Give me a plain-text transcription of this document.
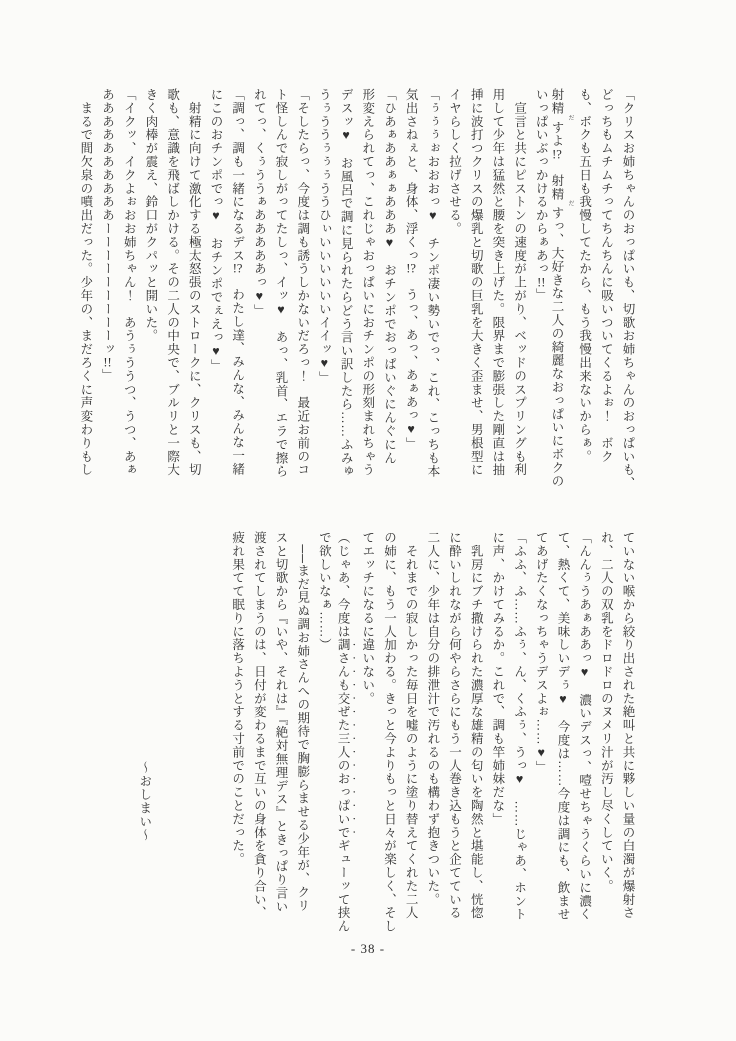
「クリスお姉ちゃんのおっぱいも、切歌お姉ちゃんのおっぱいも、
どっちもムチムチってちんちんに吸いついてくるよぉ！　ボク
も、ボクも五日も我慢してたから、もう我慢出来ないからぁ。
射精だすよ!?　射精だすっ、大好きな二人の綺麗なおっぱいにボクの
いっぱいぶっかけるからぁあっ!!」
　宣言と共にピストンの速度が上がり、ベッドのスプリングも利
用して少年は猛然と腰を突き上げた。限界まで膨張した剛直は抽
挿に波打つクリスの爆乳と切歌の巨乳を大きく歪ませ、男根型に
イヤらしく拉げさせる。
「ぅぅぅぉおおおっ♥　チンポ凄い勢いでっ、これ、こっちも本
気出さねぇと、身体、浮くっ!?　うっ、あっ、あぁあっ♥」
「ひあぁああぁぁあああ♥　おチンポでおっぱいぐにんぐにん
形変えられてっ、これじゃおっぱいにおチンポの形刻まれちゃう
デスッ♥　お風呂で調に見られたらどう言い訳したら……ふみゅ
うぅううぅぅぅううひぃいいいいいいイイッ♥」
「そしたらっ、今度は調も誘うしかないだろっ！　最近お前のコ
ト怪しんで寂しがってたしっ、イッ♥　あっ、乳首、エラで擦ら
れてっ、くぅううぁあああああっ♥」
「調っ、調も一緒になるデス!?　わたし達、みんな、みんな一緒
にこのおチンポでっ♥　おチンポでぇえっ♥」
　射精に向けて激化する極太怒張のストロークに、クリスも、切
歌も、意識を飛ばしかける。その二人の中央で、ブルリと一際大
きく肉棒が震え、鈴口がクパッと開いた。
「イクッ、イクよぉおお姉ちゃん！　あうぅううつ、うつ、あぁ
ああああああああああーーーーーーーーーッ!!」
　まるで間欠泉の噴出だった。少年の、まだろくに声変わりもし
ていない喉から絞り出された絶叫と共に夥しい量の白濁が爆射さ
れ、二人の双乳をドロドロのヌメリ汁が汚し尽くしていく。
「んんぅうあぁああっ♥　濃いデスっ、噎せちゃうくらいに濃く
て、熱くて、美味しいデぅ♥　今度は……今度は調にも、飲ませ
てあげたくなっちゃうデスよぉ……♥」
「ふふ、ふ……ふぅ、ん、くふぅ、うっ♥　……じゃあ、ホント
に声、かけてみるか。これで、調も竿姉妹だな」
　乳房にブチ撒けられた濃厚な雄精の匂いを陶然と堪能し、恍惚
に酔いしれながら何やらさらにもう一人巻き込もうと企てている
二人に、少年は自分の排泄汁で汚れるのも構わず抱きついた。
　それまでの寂しかった毎日を嘘のように塗り替えてくれた二人
の姉に、もう一人加わる。きっと今よりもっと日々が楽しく、そし
てエッチになるに違いない。
（じゃあ、今度は調さんも交ぜた三人のおっぱいでギューッて挟ん
で欲しいなぁ……）
　──まだ見ぬ調お姉さんへの期待で胸膨らませる少年が、クリ
スと切歌から『いや、それは』『絶対無理デス』ときっぱり言い
渡されてしまうのは、日付が変わるまで互いの身体を貪り合い、
疲れ果てて眠りに落ちようとする寸前でのことだった。
〜おしまい〜
- 38 -
